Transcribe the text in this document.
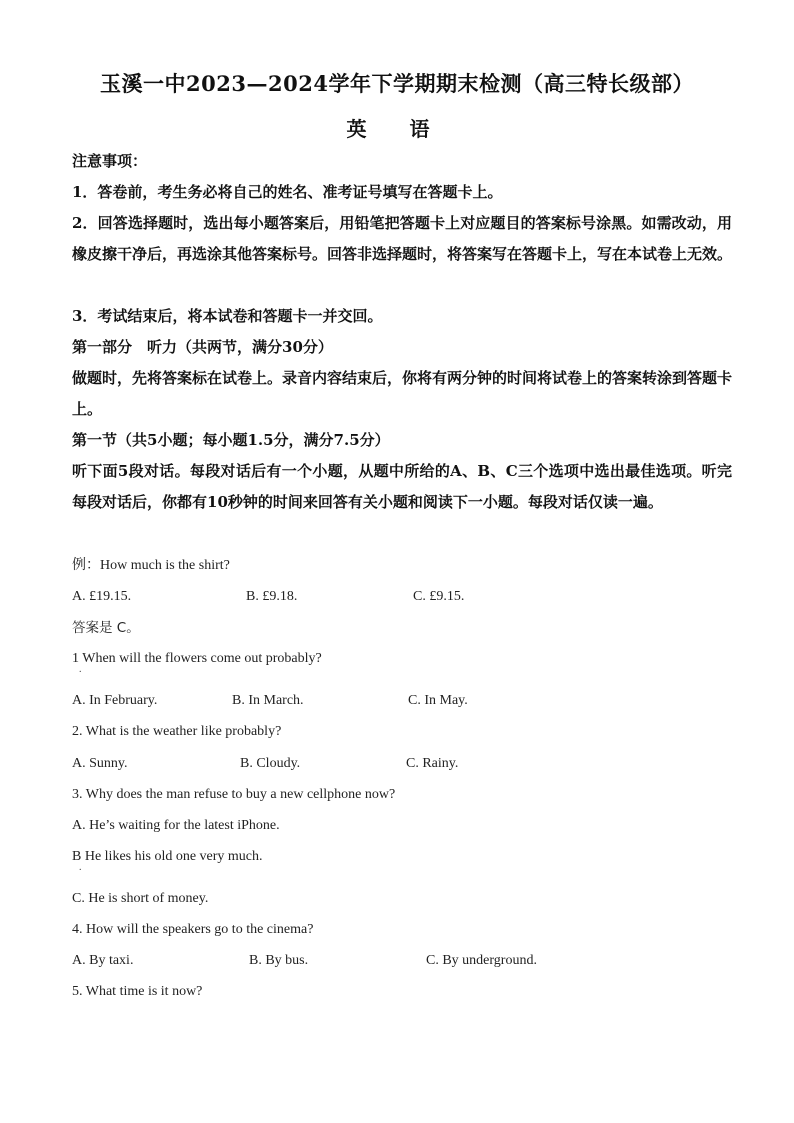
玉溪一中2023—2024学年下学期期末检测（高三特长级部）
英 语
注意事项：
1．答卷前，考生务必将自己的姓名、准考证号填写在答题卡上。
2．回答选择题时，选出每小题答案后，用铅笔把答题卡上对应题目的答案标号涂黑。如需改动，用橡皮擦干净后，再选涂其他答案标号。回答非选择题时，将答案写在答题卡上，写在本试卷上无效。
3．考试结束后，将本试卷和答题卡一并交回。
第一部分　听力（共两节，满分30分）
做题时，先将答案标在试卷上。录音内容结束后，你将有两分钟的时间将试卷上的答案转涂到答题卡上。
第一节（共5小题；每小题1.5分，满分7.5分）
听下面5段对话。每段对话后有一个小题，从题中所给的A、B、C三个选项中选出最佳选项。听完每段对话后，你都有10秒钟的时间来回答有关小题和阅读下一小题。每段对话仅读一遍。
例：How much is the shirt?
A. £19.15.	B. £9.18.	C. £9.15.
答案是 C。
1 When will the flowers come out probably?
.
A. In February.	B. In March.	C. In May.
2. What is the weather like probably?
A. Sunny.	B. Cloudy.	C. Rainy.
3. Why does the man refuse to buy a new cellphone now?
A. He’s waiting for the latest iPhone.
B He likes his old one very much.
.
C. He is short of money.
4. How will the speakers go to the cinema?
A. By taxi.	B. By bus.	C. By underground.
5. What time is it now?
